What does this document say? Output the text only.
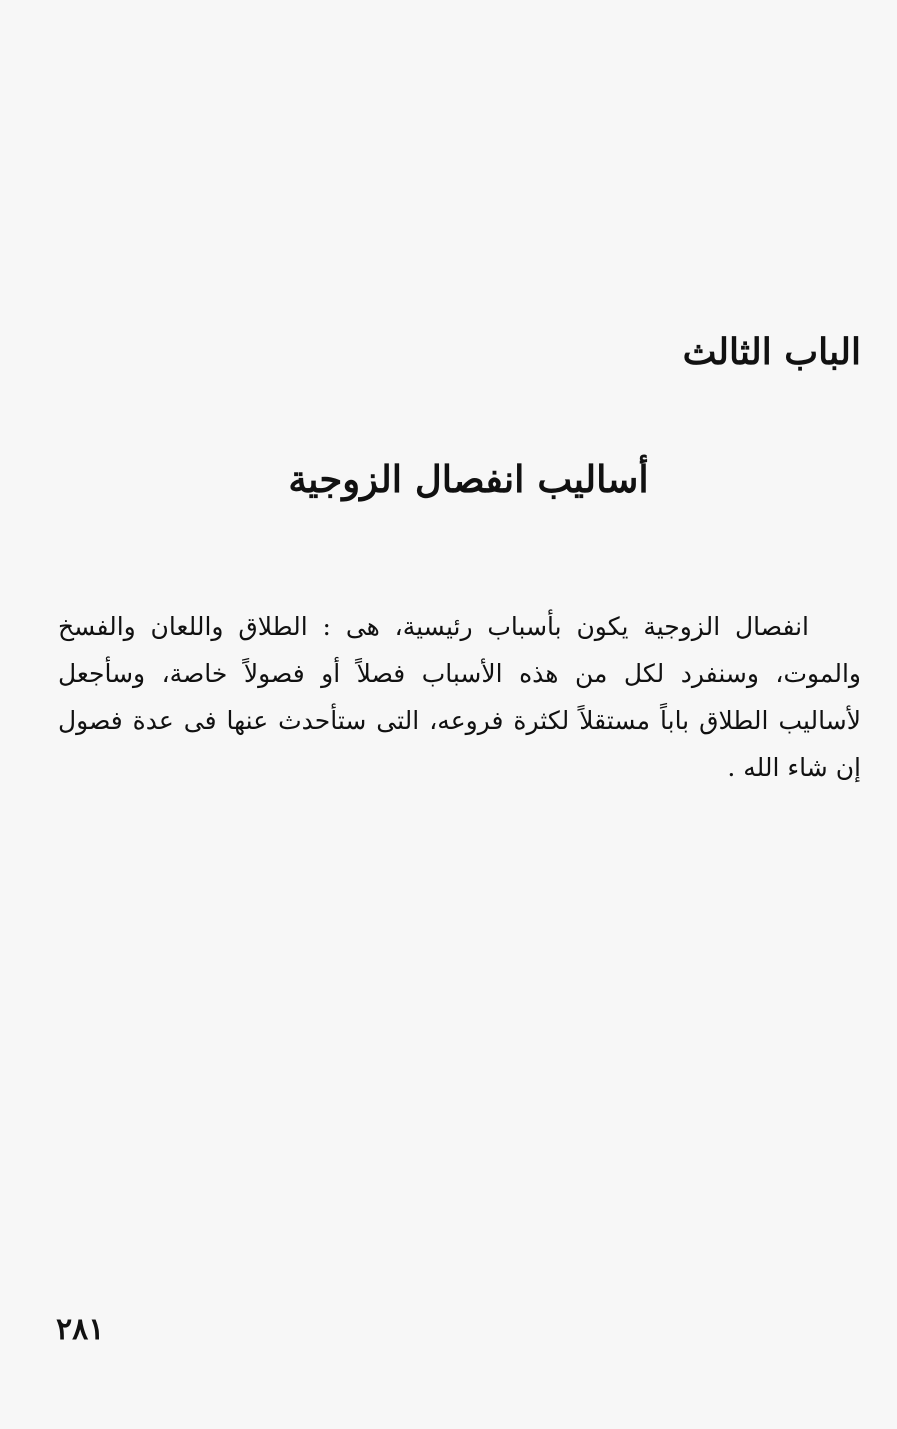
الباب الثالث
أساليب انفصال الزوجية

انفصال الزوجية يكون بأسباب رئيسية، هى : الطلاق واللعان والفسخ والموت، وسنفرد لكل من هذه الأسباب فصلاً أو فصولاً خاصة، وسأجعل لأساليب الطلاق باباً مستقلاً لكثرة فروعه، التى ستأحدث عنها فى عدة فصول إن شاء الله .

٢٨١
